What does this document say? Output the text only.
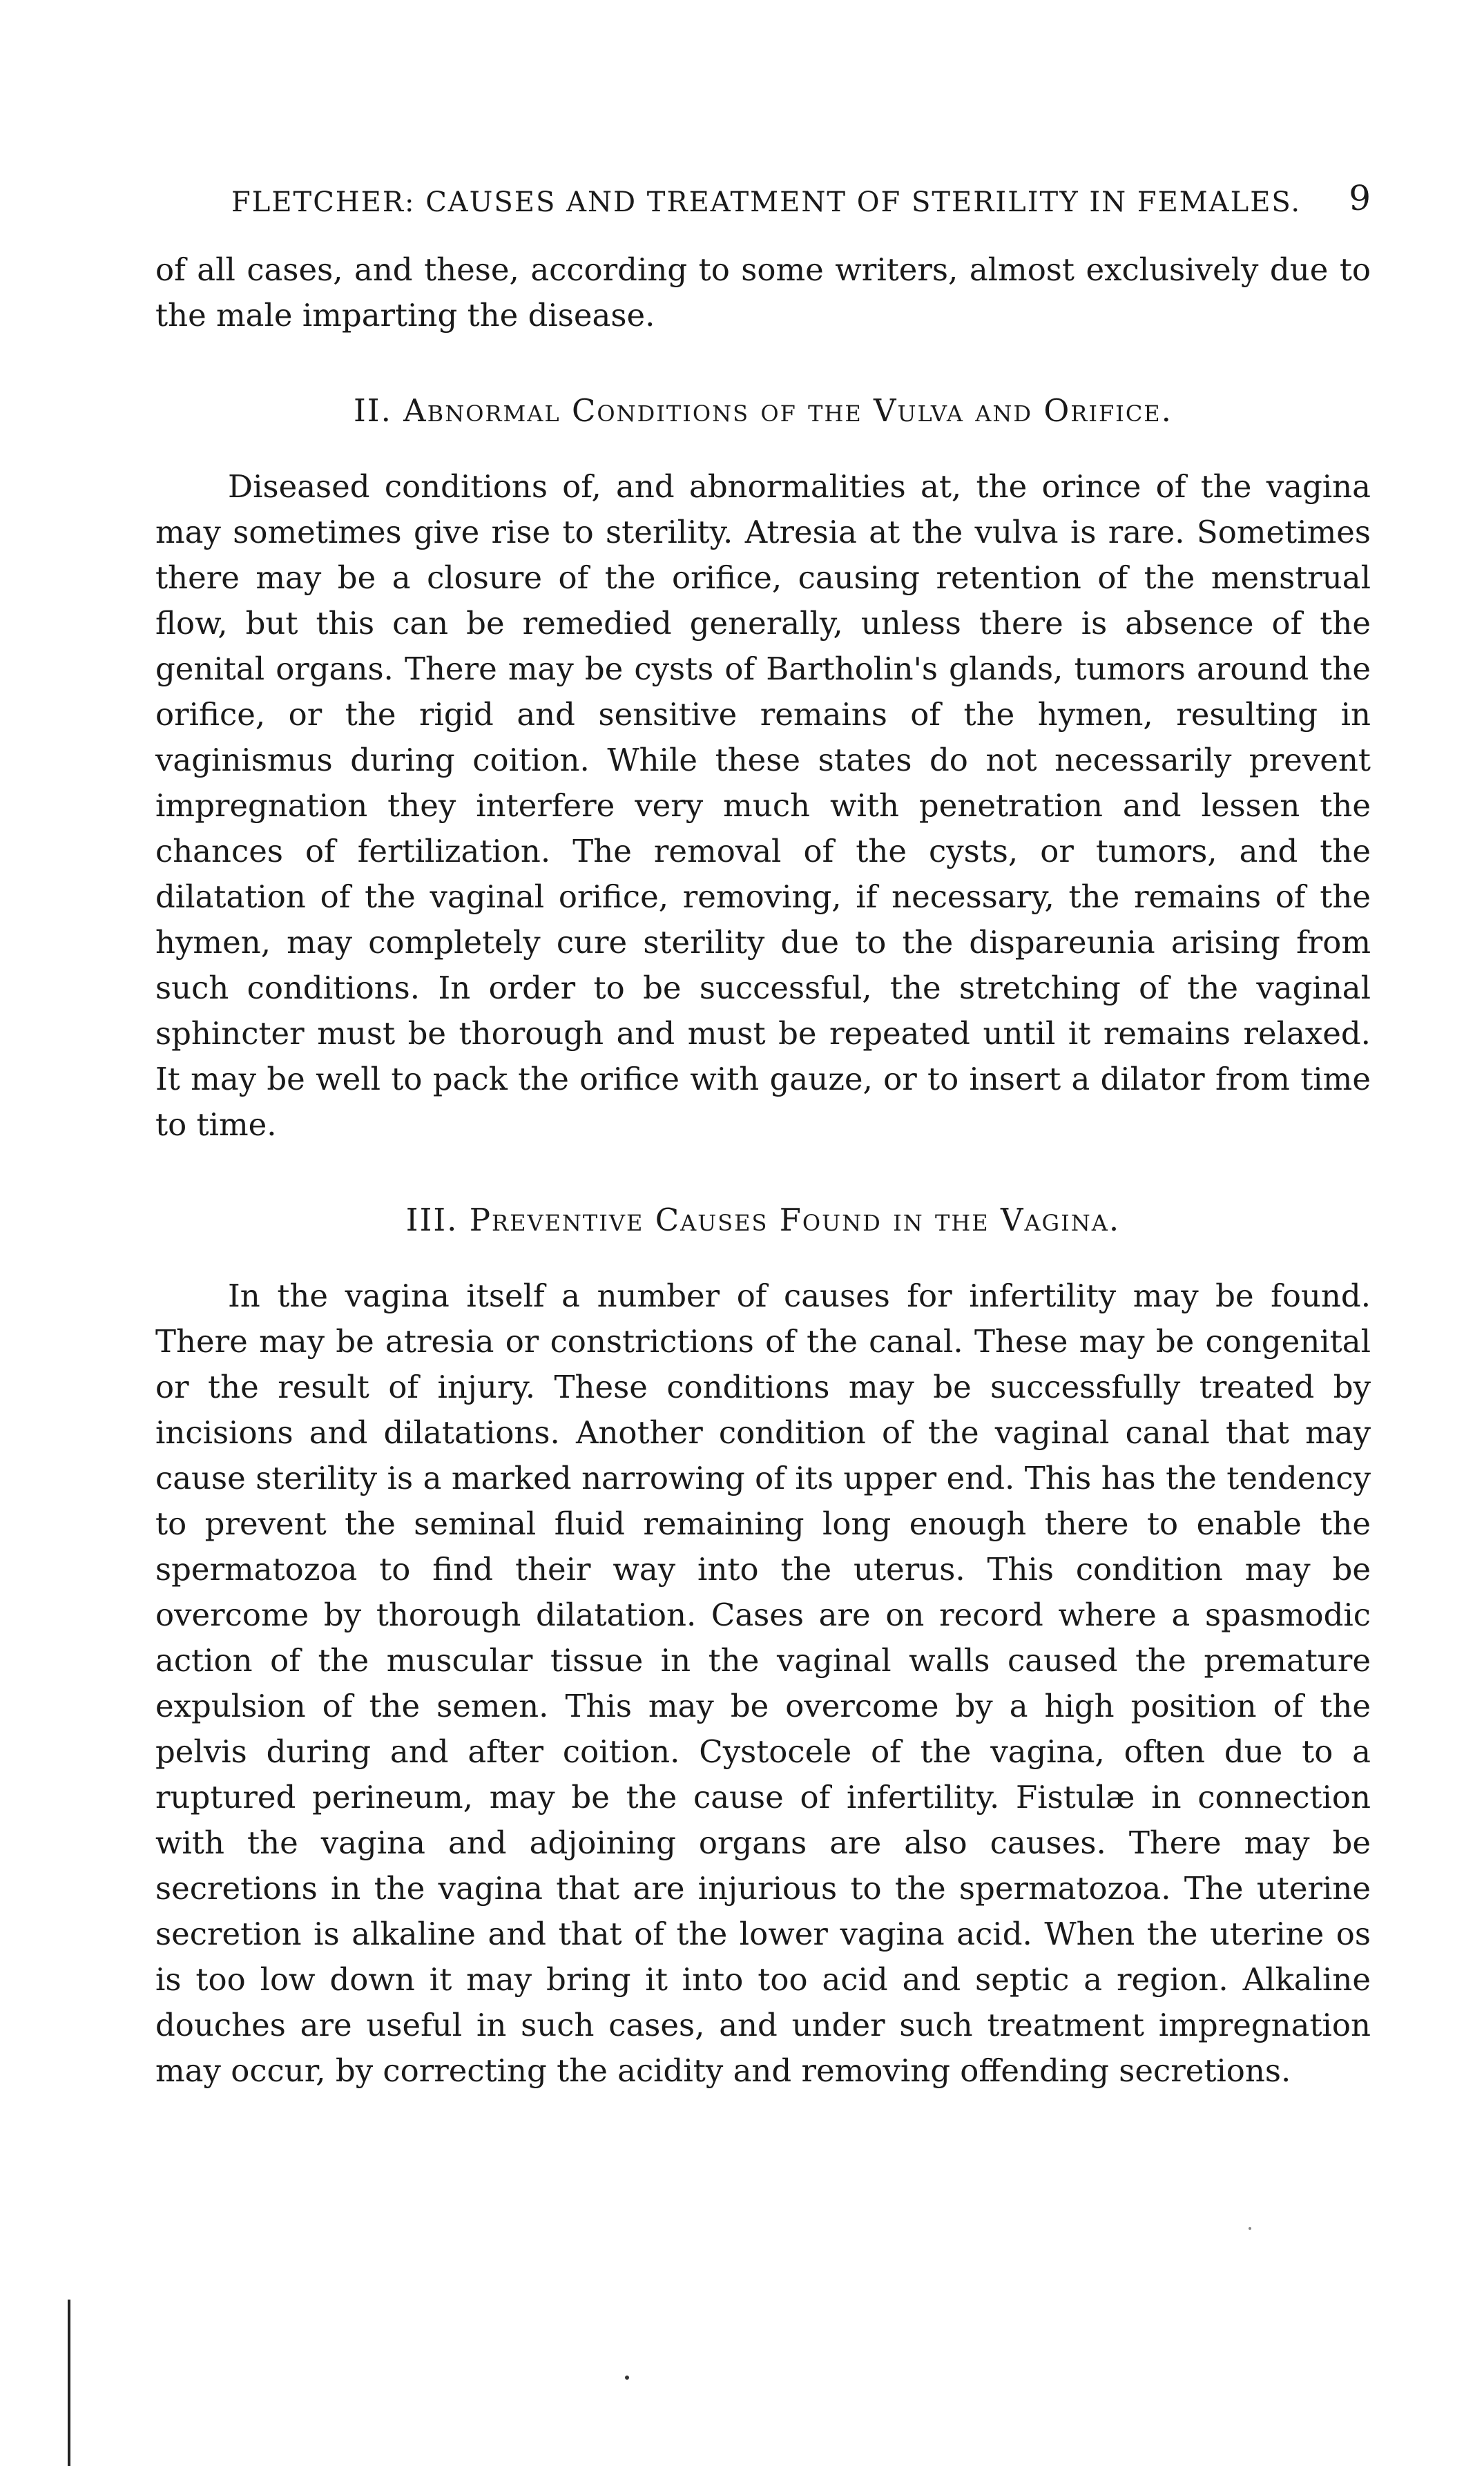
FLETCHER: CAUSES AND TREATMENT OF STERILITY IN FEMALES. 9

of all cases, and these, according to some writers, almost exclusively due to the male imparting the disease.

II. Abnormal Conditions of the Vulva and Orifice.

Diseased conditions of, and abnormalities at, the orince of the vagina may sometimes give rise to sterility. Atresia at the vulva is rare. Sometimes there may be a closure of the orifice, causing retention of the menstrual flow, but this can be remedied generally, unless there is absence of the genital organs. There may be cysts of Bartholin's glands, tumors around the orifice, or the rigid and sensitive remains of the hymen, resulting in vaginismus during coition. While these states do not necessarily prevent impregnation they interfere very much with penetration and lessen the chances of fertilization. The removal of the cysts, or tumors, and the dilatation of the vaginal orifice, removing, if necessary, the remains of the hymen, may completely cure sterility due to the dispareunia arising from such conditions. In order to be successful, the stretching of the vaginal sphincter must be thorough and must be repeated until it remains relaxed. It may be well to pack the orifice with gauze, or to insert a dilator from time to time.

III. Preventive Causes Found in the Vagina.

In the vagina itself a number of causes for infertility may be found. There may be atresia or constrictions of the canal. These may be congenital or the result of injury. These conditions may be successfully treated by incisions and dilatations. Another condition of the vaginal canal that may cause sterility is a marked narrowing of its upper end. This has the tendency to prevent the seminal fluid remaining long enough there to enable the spermatozoa to find their way into the uterus. This condition may be overcome by thorough dilatation. Cases are on record where a spasmodic action of the muscular tissue in the vaginal walls caused the premature expulsion of the semen. This may be overcome by a high position of the pelvis during and after coition. Cystocele of the vagina, often due to a ruptured perineum, may be the cause of infertility. Fistulæ in connection with the vagina and adjoining organs are also causes. There may be secretions in the vagina that are injurious to the spermatozoa. The uterine secretion is alkaline and that of the lower vagina acid. When the uterine os is too low down it may bring it into too acid and septic a region. Alkaline douches are useful in such cases, and under such treatment impregnation may occur, by correcting the acidity and removing offending secretions.
